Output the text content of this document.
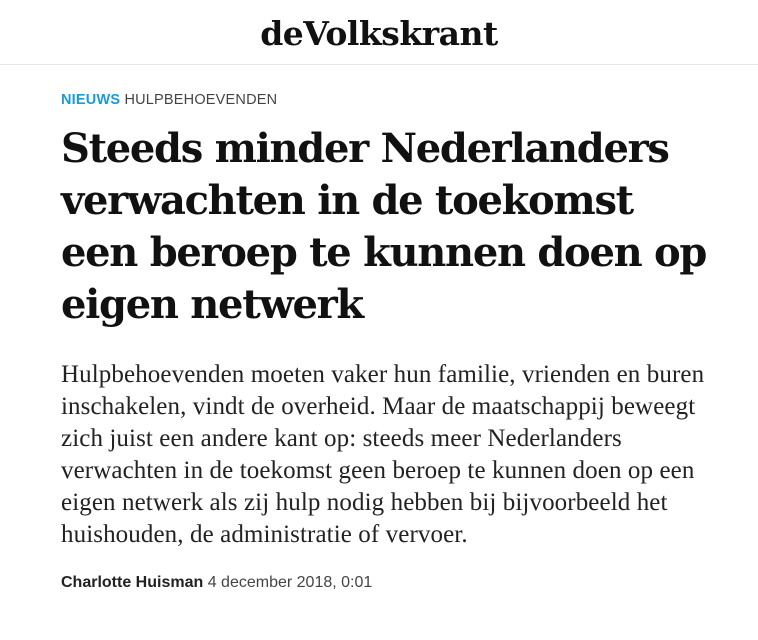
deVolkskrant

NIEUWS HULPBEHOEVENDEN

Steeds minder Nederlanders verwachten in de toekomst een beroep te kunnen doen op eigen netwerk

Hulpbehoevenden moeten vaker hun familie, vrienden en buren inschakelen, vindt de overheid. Maar de maatschappij beweegt zich juist een andere kant op: steeds meer Nederlanders verwachten in de toekomst geen beroep te kunnen doen op een eigen netwerk als zij hulp nodig hebben bij bijvoorbeeld het huishouden, de administratie of vervoer.

Charlotte Huisman 4 december 2018, 0:01
